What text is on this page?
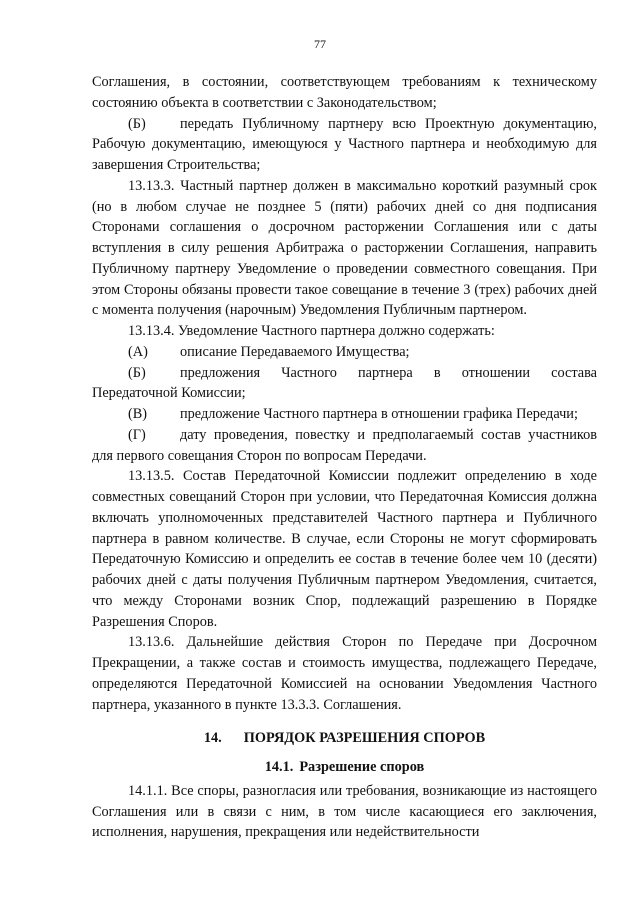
77

Соглашения, в состоянии, соответствующем требованиям к техническому состоянию объекта в соответствии с Законодательством;

(Б) передать Публичному партнеру всю Проектную документацию, Рабочую документацию, имеющуюся у Частного партнера и необходимую для завершения Строительства;

13.13.3. Частный партнер должен в максимально короткий разумный срок (но в любом случае не позднее 5 (пяти) рабочих дней со дня подписания Сторонами соглашения о досрочном расторжении Соглашения или с даты вступления в силу решения Арбитража о расторжении Соглашения, направить Публичному партнеру Уведомление о проведении совместного совещания. При этом Стороны обязаны провести такое совещание в течение 3 (трех) рабочих дней с момента получения (нарочным) Уведомления Публичным партнером.

13.13.4. Уведомление Частного партнера должно содержать:

(А) описание Передаваемого Имущества;

(Б) предложения Частного партнера в отношении состава Передаточной Комиссии;

(В) предложение Частного партнера в отношении графика Передачи;

(Г) дату проведения, повестку и предполагаемый состав участников для первого совещания Сторон по вопросам Передачи.

13.13.5. Состав Передаточной Комиссии подлежит определению в ходе совместных совещаний Сторон при условии, что Передаточная Комиссия должна включать уполномоченных представителей Частного партнера и Публичного партнера в равном количестве. В случае, если Стороны не могут сформировать Передаточную Комиссию и определить ее состав в течение более чем 10 (десяти) рабочих дней с даты получения Публичным партнером Уведомления, считается, что между Сторонами возник Спор, подлежащий разрешению в Порядке Разрешения Споров.

13.13.6. Дальнейшие действия Сторон по Передаче при Досрочном Прекращении, а также состав и стоимость имущества, подлежащего Передаче, определяются Передаточной Комиссией на основании Уведомления Частного партнера, указанного в пункте 13.3.3. Соглашения.

14. ПОРЯДОК РАЗРЕШЕНИЯ СПОРОВ
14.1. Разрешение споров

14.1.1. Все споры, разногласия или требования, возникающие из настоящего Соглашения или в связи с ним, в том числе касающиеся его заключения, исполнения, нарушения, прекращения или недействительности
